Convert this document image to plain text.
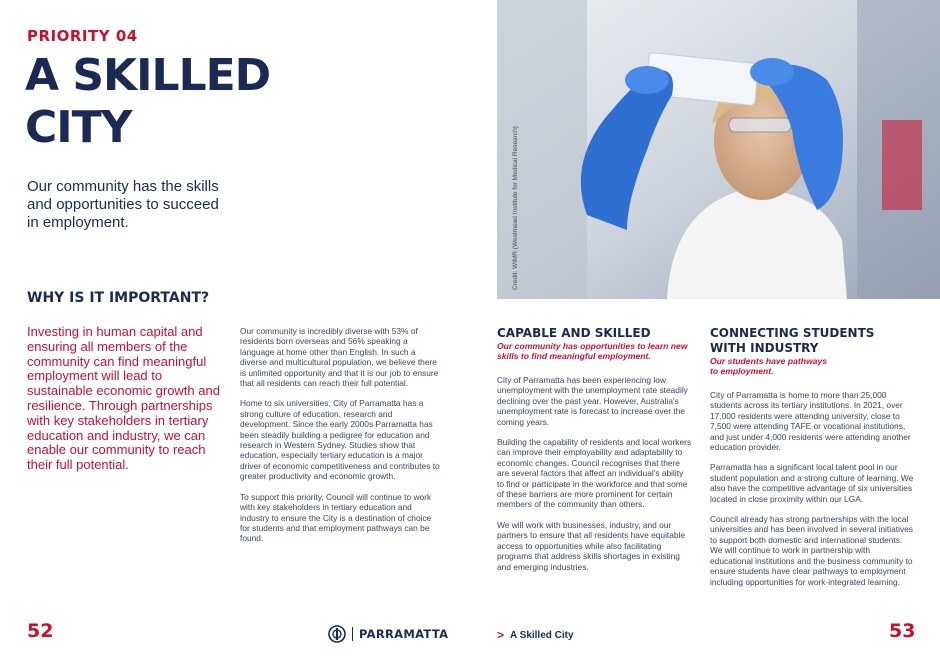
PRIORITY 04
A SKILLED
CITY
Our community has the skills and opportunities to succeed in employment.
WHY IS IT IMPORTANT?
Investing in human capital and ensuring all members of the community can find meaningful employment will lead to sustainable economic growth and resilience. Through partnerships with key stakeholders in tertiary education and industry, we can enable our community to reach their full potential.

Our community is incredibly diverse with 53% of residents born overseas and 56% speaking a language at home other than English. In such a diverse and multicultural population, we believe there is unlimited opportunity and that it is our job to ensure that all residents can reach their full potential.

Home to six universities, City of Parramatta has a strong culture of education, research and development. Since the early 2000s Parramatta has been steadily building a pedigree for education and research in Western Sydney. Studies show that education, especially tertiary education is a major driver of economic competitiveness and contributes to greater productivity and economic growth.

To support this priority, Council will continue to work with key stakeholders in tertiary education and industry to ensure the City is a destination of choice for students and that employment pathways can be found.

52
Credit: WIMR (Westmead Institute for Medical Research)
CAPABLE AND SKILLED
Our community has opportunities to learn new skills to find meaningful employment.

City of Parramatta has been experiencing low unemployment with the unemployment rate steadily declining over the past year. However, Australia's unemployment rate is forecast to increase over the coming years.

Building the capability of residents and local workers can improve their employability and adaptability to economic changes. Council recognises that there are several factors that affect an individual's ability to find or participate in the workforce and that some of these barriers are more prominent for certain members of the community than others.

We will work with businesses, industry, and our partners to ensure that all residents have equitable access to opportunities while also facilitating programs that address skills shortages in existing and emerging industries.

CONNECTING STUDENTS
WITH INDUSTRY
Our students have pathways to employment.

City of Parramatta is home to more than 25,000 students across its tertiary institutions. In 2021, over 17,000 residents were attending university, close to 7,500 were attending TAFE or vocational institutions, and just under 4,000 residents were attending another education provider.

Parramatta has a significant local talent pool in our student population and a strong culture of learning. We also have the competitive advantage of six universities located in close proximity within our LGA.

Council already has strong partnerships with the local universities and has been involved in several initiatives to support both domestic and international students. We will continue to work in partnership with educational institutions and the business community to ensure students have clear pathways to employment including opportunities for work-integrated learning.

PARRAMATTA	> A Skilled City	53
